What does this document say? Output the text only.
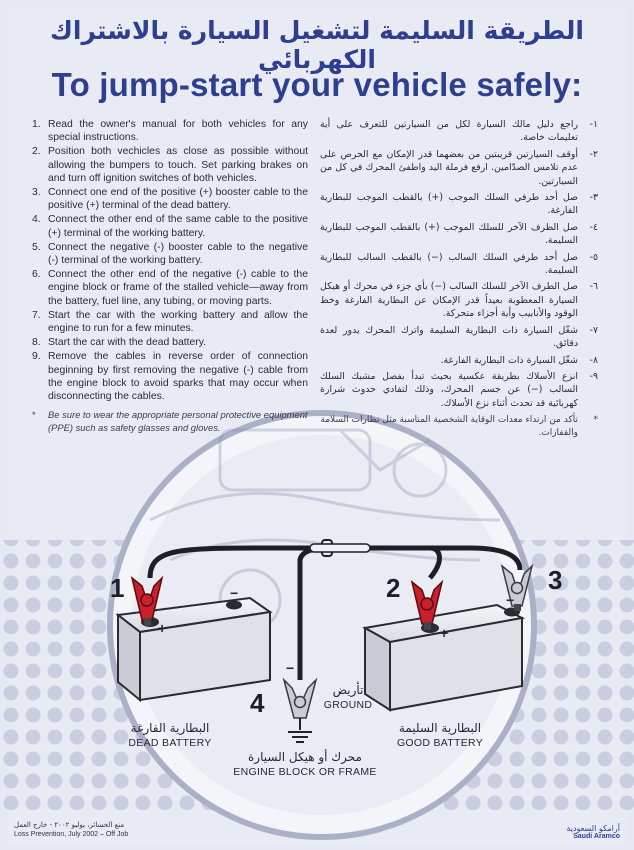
الطريقة السليمة لتشغيل السيارة بالاشتراك الكهربائي
To jump-start your vehicle safely:
1. Read the owner's manual for both vehicles for any special instructions.
2. Position both vechicles as close as possible without allowing the bumpers to touch. Set parking brakes on and turn off ignition switches of both vehicles.
3. Connect one end of the positive (+) booster cable to the positive (+) terminal of the dead battery.
4. Connect the other end of the same cable to the positive (+) terminal of the working battery.
5. Connect the negative (-) booster cable to the negative (-) terminal of the working battery.
6. Connect the other end of the negative (-) cable to the engine block or frame of the stalled vehicle—away from the battery, fuel line, any tubing, or moving parts.
7. Start the car with the working battery and allow the engine to run for a few minutes.
8. Start the car with the dead battery.
9. Remove the cables in reverse order of connection beginning by first removing the negative (-) cable from the engine block to avoid sparks that may occur when disconnecting the cables.
*	Be sure to wear the appropriate personal protective equipment (PPE) such as safety glasses and gloves.
١-
راجع دليل مالك السيارة لكل من السيارتين للتعرف على أية تعليمات خاصة.
٢-
أوقف السيارتين قريبتين من بعضهما قدر الإمكان مع الحرص على عدم تلامس الصدّامين. ارفع فرملة اليد واطفئ المحرك في كل من السيارتين.
٣-
صل أحد طرفي السلك الموجب (+) بالقطب الموجب للبطارية الفارغة.
٤-
صل الطرف الآخر للسلك الموجب (+) بالقطب الموجب للبطارية السليمة.
٥-
صل أحد طرفي السلك السالب (−) بالقطب السالب للبطارية السليمة.
٦-
صل الطرف الآخر للسلك السالب (−) بأي جزء في محرك أو هيكل السيارة المعطوبة بعيداً قدر الإمكان عن البطارية الفارغة وخط الوقود والأنابيب وأية أجزاء متحركة.
٧-
شغّل السيارة ذات البطارية السليمة واترك المحرك يدور لعدة دقائق.
٨-
شغّل السيارة ذات البطارية الفارغة.
٩-
انزع الأسلاك بطريقة عكسية بحيث تبدأ بفصل مشبك السلك السالب (−) عن جسم المحرك، وذلك لتفادي حدوث شرارة كهربائية قد تحدث أثناء نزع الأسلاك.
*
تأكد من ارتداء معدات الوقاية الشخصية المناسبة مثل نظارات السلامة والقفازات.
1	2	3
4
+
−
+
−
−
البطارية الفارغة
DEAD BATTERY
البطارية السليمة
GOOD BATTERY
تأريض
GROUND
محرك أو هيكل السيارة
ENGINE BLOCK OR FRAME
منع الخسائر، يوليو ٢٠٠٢ - خارج العمل
Loss Prevention, July 2002 – Off Job
أرامكو السعودية
Saudi Aramco
